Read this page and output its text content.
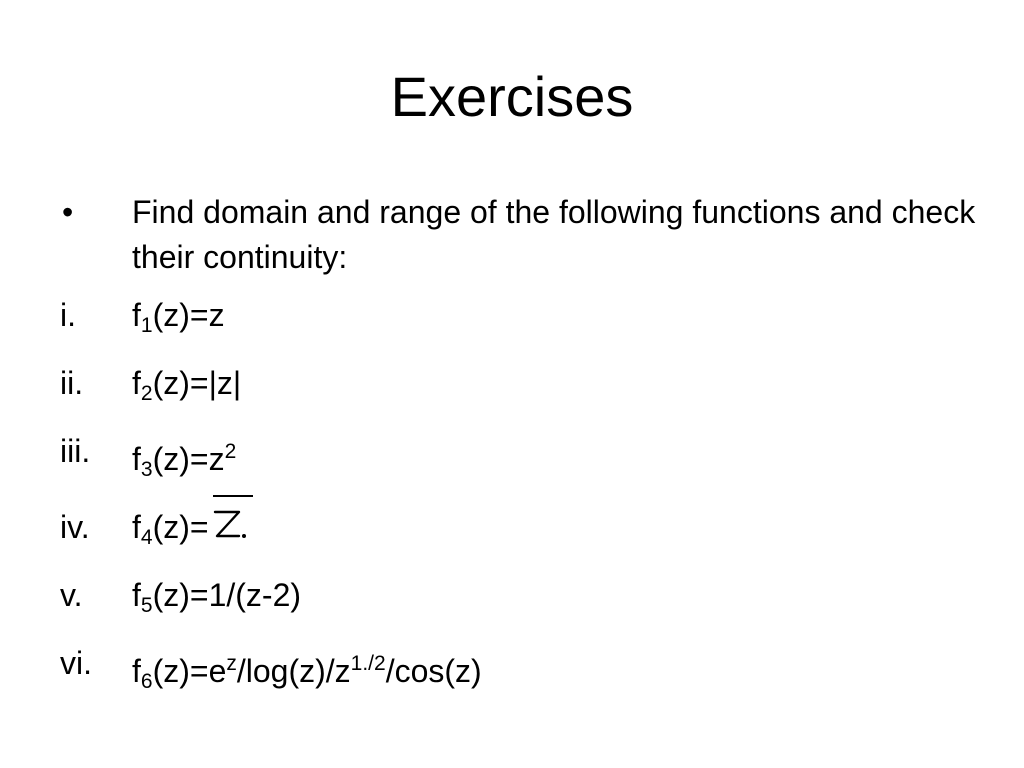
Exercises
• Find domain and range of the following functions and check their continuity:
i. $f_1(z)=z$
ii. $f_2(z)=|z|$
iii. $f_3(z)=z^2$
iv. $f_4(z)=$
v. $f_5(z)=1/(z-2)$
vi. $f_6(z)=e^z/\log(z)/z^{1./2}/\cos(z)$
